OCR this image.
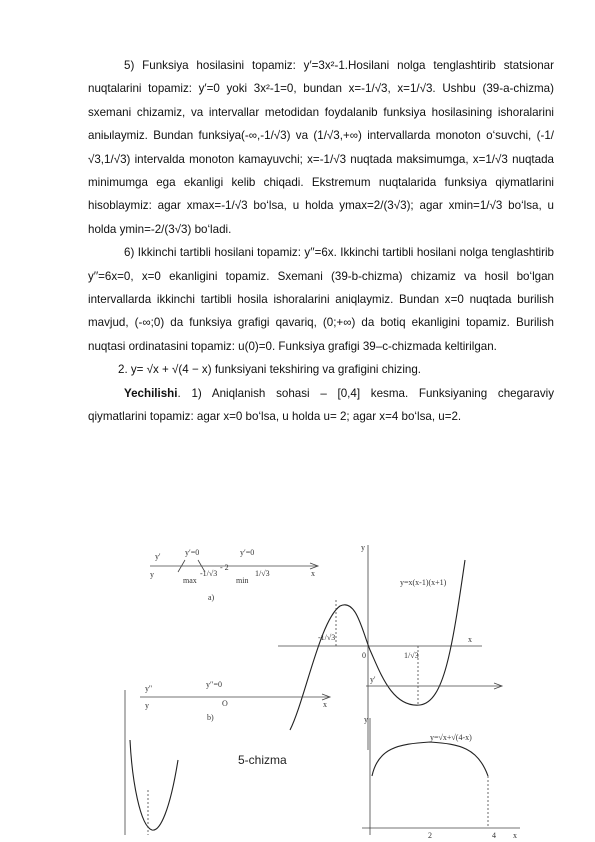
5) Funksiya hosilasini topamiz: y′=3x²-1.Hosilani nolga tenglashtirib statsionar nuqtalarini topamiz: y′=0 yoki 3x²-1=0, bundan x=-1/√3, x=1/√3. Ushbu (39-a-chizma) sxemani chizamiz, va intervallar metodidan foydalanib funksiya hosilasining ishoralarini aniыlaymiz. Bundan funksiya(-∞,-1/√3) va (1/√3,+∞) intervallarda monoton o‘suvchi, (-1/√3,1/√3) intervalda monoton kamayuvchi; x=-1/√3 nuqtada maksimumga, x=1/√3 nuqtada minimumga ega ekanligi kelib chiqadi. Ekstremum nuqtalarida funksiya qiymatlarini hisoblaymiz: agar xmax=-1/√3 bo‘lsa, u holda ymax=2/(3√3); agar xmin=1/√3 bo‘lsa, u holda ymin=-2/(3√3) bo‘ladi.

6) Ikkinchi tartibli hosilani topamiz: y′′=6x. Ikkinchi tartibli hosilani nolga tenglashtirib y′′=6x=0, x=0 ekanligini topamiz. Sxemani (39-b-chizma) chizamiz va hosil bo‘lgan intervallarda ikkinchi tartibli hosila ishoralarini aniqlaymiz. Bundan x=0 nuqtada burilish mavjud, (-∞;0) da funksiya grafigi qavariq, (0;+∞) da botiq ekanligini topamiz. Burilish nuqtasi ordinatasini topamiz: u(0)=0. Funksiya grafigi 39–c-chizmada keltirilgan.

2. y= √x + √(4 − x) funksiyani tekshiring va grafigini chizing.

Yechilishi. 1) Aniqlanish sohasi – [0,4] kesma. Funksiyaning chegaraviy qiymatlarini topamiz: agar x=0 bo‘lsa, u holda u= 2; agar x=4 bo‘lsa, u=2.

y'
y
y′=0	y′=0
max	min
-1/√3	1/√3
- 2
x
a)
y=x(x-1)(x+1)
y
x
-1/√3
1/√3
0
y''
y
y′′=0
O	x
b)
y'
y=√x+√(4-x)
y
4
2	x
5-chizma
